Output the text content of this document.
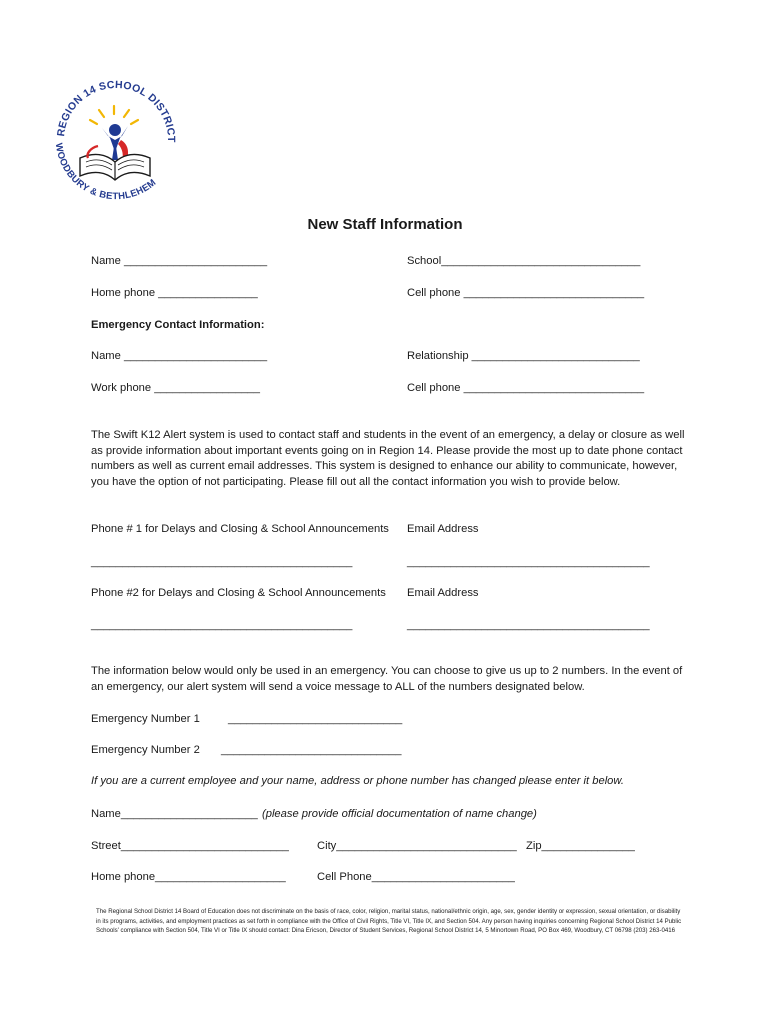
REGION 14 SCHOOL DISTRICT
WOODBURY & BETHLEHEM
New Staff Information
Name _______________________	School________________________________
Home phone ________________	Cell phone _____________________________
Emergency Contact Information:
Name _______________________	Relationship ___________________________
Work phone _________________	Cell phone _____________________________
The Swift K12 Alert system is used to contact staff and students in the event of an emergency, a delay or closure as well as provide information about important events going on in Region 14. Please provide the most up to date phone contact numbers as well as current email addresses. This system is designed to enhance our ability to communicate, however, you have the option of not participating. Please fill out all the contact information you wish to provide below.
Phone # 1 for Delays and Closing & School Announcements Email Address
__________________________________________	_______________________________________
Phone #2 for Delays and Closing & School Announcements Email Address
__________________________________________	_______________________________________
The information below would only be used in an emergency. You can choose to give us up to 2 numbers. In the event of an emergency, our alert system will send a voice message to ALL of the numbers designated below.
Emergency Number 1	____________________________
Emergency Number 2 _____________________________
If you are a current employee and your name, address or phone number has changed please enter it below.
Name______________________ (please provide official documentation of name change)
Street___________________________	City_____________________________ Zip_______________
Home phone_____________________	Cell Phone_______________________
The Regional School District 14 Board of Education does not discriminate on the basis of race, color, religion, marital status, national/ethnic origin, age, sex, gender identity or expression, sexual orientation, or disability in its programs, activities, and employment practices as set forth in compliance with the Office of Civil Rights, Title VI, Title IX, and Section 504. Any person having inquiries concerning Regional School District 14 Public Schools' compliance with Section 504, Title VI or Title IX should contact: Dina Ericson, Director of Student Services, Regional School District 14, 5 Minortown Road, PO Box 469, Woodbury, CT 06798 (203) 263-0416
